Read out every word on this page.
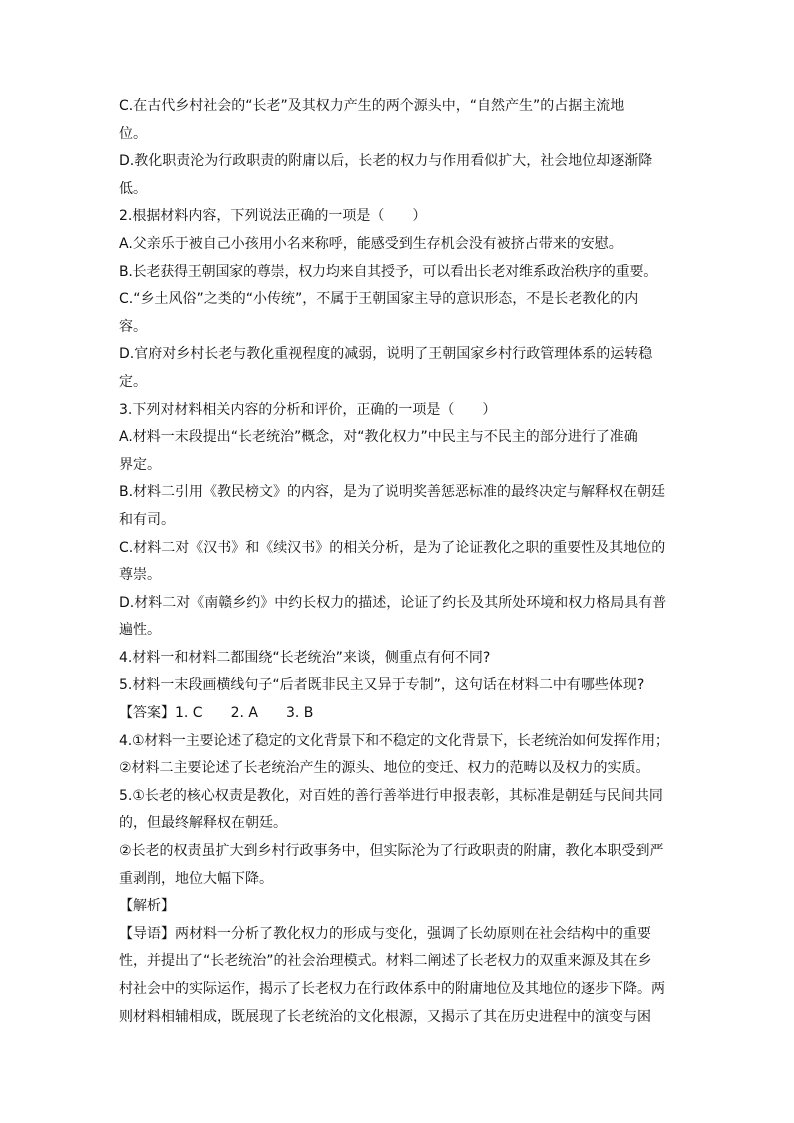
C.在古代乡村社会的“长老”及其权力产生的两个源头中，“自然产生”的占据主流地
位。
D.教化职责沦为行政职责的附庸以后，长老的权力与作用看似扩大，社会地位却逐渐降
低。
2.根据材料内容，下列说法正确的一项是（　　）
A.父亲乐于被自己小孩用小名来称呼，能感受到生存机会没有被挤占带来的安慰。
B.长老获得王朝国家的尊崇，权力均来自其授予，可以看出长老对维系政治秩序的重要。
C.“乡土风俗”之类的“小传统”，不属于王朝国家主导的意识形态，不是长老教化的内
容。
D.官府对乡村长老与教化重视程度的减弱，说明了王朝国家乡村行政管理体系的运转稳
定。
3.下列对材料相关内容的分析和评价，正确的一项是（　　）
A.材料一末段提出“长老统治”概念，对“教化权力”中民主与不民主的部分进行了准确
界定。
B.材料二引用《教民榜文》的内容，是为了说明奖善惩恶标准的最终决定与解释权在朝廷
和有司。
C.材料二对《汉书》和《续汉书》的相关分析，是为了论证教化之职的重要性及其地位的
尊崇。
D.材料二对《南赣乡约》中约长权力的描述，论证了约长及其所处环境和权力格局具有普
遍性。
4.材料一和材料二都围绕“长老统治”来谈，侧重点有何不同?
5.材料一末段画横线句子“后者既非民主又异于专制”，这句话在材料二中有哪些体现?
【答案】1. C　　2. A　　3. B
4.①材料一主要论述了稳定的文化背景下和不稳定的文化背景下，长老统治如何发挥作用；
②材料二主要论述了长老统治产生的源头、地位的变迁、权力的范畴以及权力的实质。
5.①长老的核心权责是教化，对百姓的善行善举进行申报表彰，其标准是朝廷与民间共同
的，但最终解释权在朝廷。
②长老的权责虽扩大到乡村行政事务中，但实际沦为了行政职责的附庸，教化本职受到严
重剥削，地位大幅下降。
【解析】
【导语】两材料一分析了教化权力的形成与变化，强调了长幼原则在社会结构中的重要
性，并提出了“长老统治”的社会治理模式。材料二阐述了长老权力的双重来源及其在乡
村社会中的实际运作，揭示了长老权力在行政体系中的附庸地位及其地位的逐步下降。两
则材料相辅相成，既展现了长老统治的文化根源，又揭示了其在历史进程中的演变与困
